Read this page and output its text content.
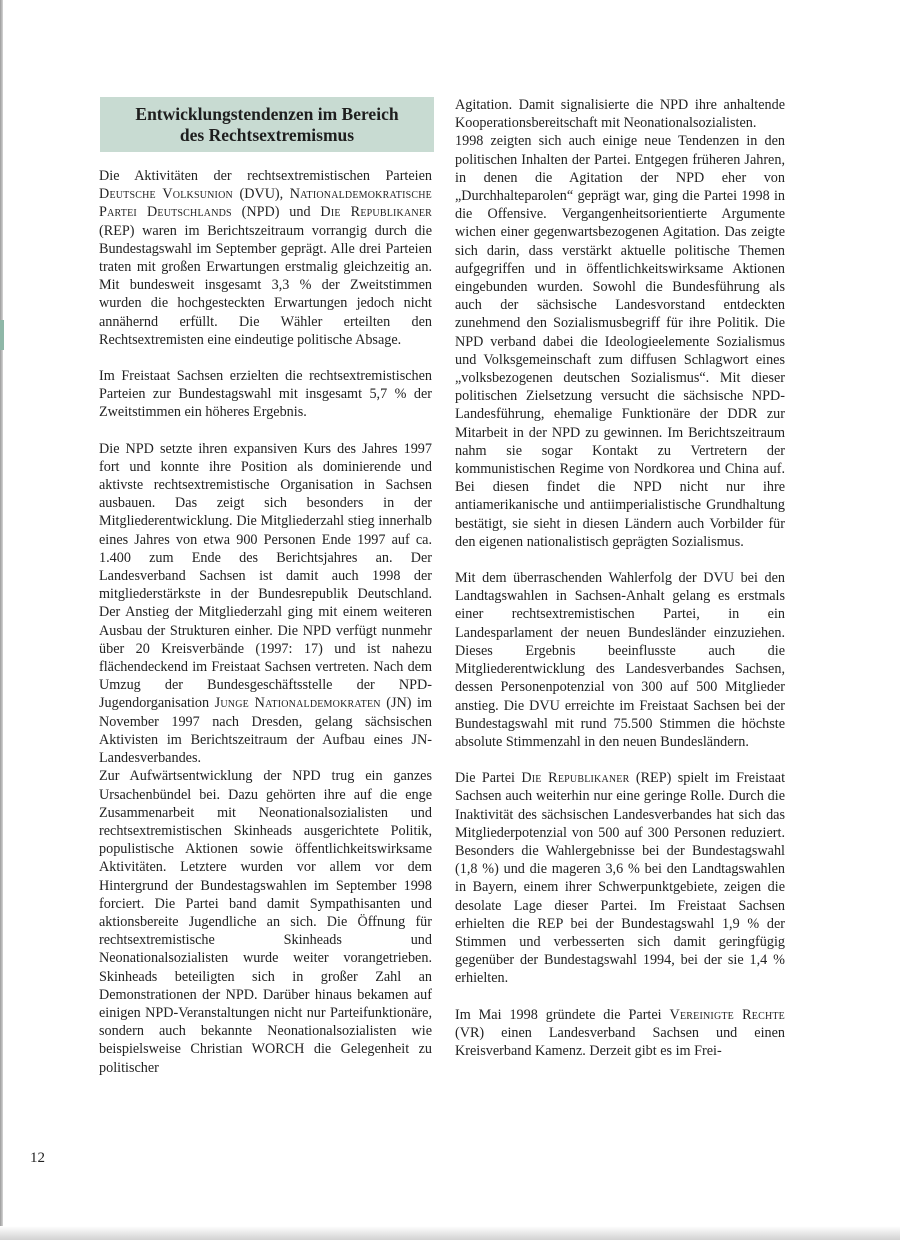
Entwicklungstendenzen im Bereich
des Rechtsextremismus

Die Aktivitäten der rechtsextremistischen Parteien Deutsche Volksunion (DVU), Nationaldemokratische Partei Deutschlands (NPD) und Die Republikaner (REP) waren im Berichtszeitraum vorrangig durch die Bundestagswahl im September geprägt. Alle drei Parteien traten mit großen Erwartungen erstmalig gleichzeitig an. Mit bundesweit insgesamt 3,3 % der Zweitstimmen wurden die hochgesteckten Erwartungen jedoch nicht annähernd erfüllt. Die Wähler erteilten den Rechtsextremisten eine eindeutige politische Absage.

Im Freistaat Sachsen erzielten die rechtsextremistischen Parteien zur Bundestagswahl mit insgesamt 5,7 % der Zweitstimmen ein höheres Ergebnis.

Die NPD setzte ihren expansiven Kurs des Jahres 1997 fort und konnte ihre Position als dominierende und aktivste rechtsextremistische Organisation in Sachsen ausbauen. Das zeigt sich besonders in der Mitgliederentwicklung. Die Mitgliederzahl stieg innerhalb eines Jahres von etwa 900 Personen Ende 1997 auf ca. 1.400 zum Ende des Berichtsjahres an. Der Landesverband Sachsen ist damit auch 1998 der mitgliederstärkste in der Bundesrepublik Deutschland. Der Anstieg der Mitgliederzahl ging mit einem weiteren Ausbau der Strukturen einher. Die NPD verfügt nunmehr über 20 Kreisverbände (1997: 17) und ist nahezu flächendeckend im Freistaat Sachsen vertreten. Nach dem Umzug der Bundesgeschäftsstelle der NPD-Jugendorganisation Junge Nationaldemokraten (JN) im November 1997 nach Dresden, gelang sächsischen Aktivisten im Berichtszeitraum der Aufbau eines JN-Landesverbandes.

Zur Aufwärtsentwicklung der NPD trug ein ganzes Ursachenbündel bei. Dazu gehörten ihre auf die enge Zusammenarbeit mit Neonationalsozialisten und rechtsextremistischen Skinheads ausgerichtete Politik, populistische Aktionen sowie öffentlichkeitswirksame Aktivitäten. Letztere wurden vor allem vor dem Hintergrund der Bundestagswahlen im September 1998 forciert. Die Partei band damit Sympathisanten und aktionsbereite Jugendliche an sich. Die Öffnung für rechtsextremistische Skinheads und Neonationalsozialisten wurde weiter vorangetrieben. Skinheads beteiligten sich in großer Zahl an Demonstrationen der NPD. Darüber hinaus bekamen auf einigen NPD-Veranstaltungen nicht nur Parteifunktionäre, sondern auch bekannte Neonationalsozialisten wie beispielsweise Christian WORCH die Gelegenheit zu politischer

Agitation. Damit signalisierte die NPD ihre anhaltende Kooperationsbereitschaft mit Neonationalsozialisten.

1998 zeigten sich auch einige neue Tendenzen in den politischen Inhalten der Partei. Entgegen früheren Jahren, in denen die Agitation der NPD eher von „Durchhalteparolen“ geprägt war, ging die Partei 1998 in die Offensive. Vergangenheitsorientierte Argumente wichen einer gegenwartsbezogenen Agitation. Das zeigte sich darin, dass verstärkt aktuelle politische Themen aufgegriffen und in öffentlichkeitswirksame Aktionen eingebunden wurden. Sowohl die Bundesführung als auch der sächsische Landesvorstand entdeckten zunehmend den Sozialismusbegriff für ihre Politik. Die NPD verband dabei die Ideologieelemente Sozialismus und Volksgemeinschaft zum diffusen Schlagwort eines „volksbezogenen deutschen Sozialismus“. Mit dieser politischen Zielsetzung versucht die sächsische NPD-Landesführung, ehemalige Funktionäre der DDR zur Mitarbeit in der NPD zu gewinnen. Im Berichtszeitraum nahm sie sogar Kontakt zu Vertretern der kommunistischen Regime von Nordkorea und China auf. Bei diesen findet die NPD nicht nur ihre antiamerikanische und antiimperialistische Grundhaltung bestätigt, sie sieht in diesen Ländern auch Vorbilder für den eigenen nationalistisch geprägten Sozialismus.

Mit dem überraschenden Wahlerfolg der DVU bei den Landtagswahlen in Sachsen-Anhalt gelang es erstmals einer rechtsextremistischen Partei, in ein Landesparlament der neuen Bundesländer einzuziehen. Dieses Ergebnis beeinflusste auch die Mitgliederentwicklung des Landesverbandes Sachsen, dessen Personenpotenzial von 300 auf 500 Mitglieder anstieg. Die DVU erreichte im Freistaat Sachsen bei der Bundestagswahl mit rund 75.500 Stimmen die höchste absolute Stimmenzahl in den neuen Bundesländern.

Die Partei Die Republikaner (REP) spielt im Freistaat Sachsen auch weiterhin nur eine geringe Rolle. Durch die Inaktivität des sächsischen Landesverbandes hat sich das Mitgliederpotenzial von 500 auf 300 Personen reduziert. Besonders die Wahlergebnisse bei der Bundestagswahl (1,8 %) und die mageren 3,6 % bei den Landtagswahlen in Bayern, einem ihrer Schwerpunktgebiete, zeigen die desolate Lage dieser Partei. Im Freistaat Sachsen erhielten die REP bei der Bundestagswahl 1,9 % der Stimmen und verbesserten sich damit geringfügig gegenüber der Bundestagswahl 1994, bei der sie 1,4 % erhielten.

Im Mai 1998 gründete die Partei Vereinigte Rechte (VR) einen Landesverband Sachsen und einen Kreisverband Kamenz. Derzeit gibt es im Frei-

12
